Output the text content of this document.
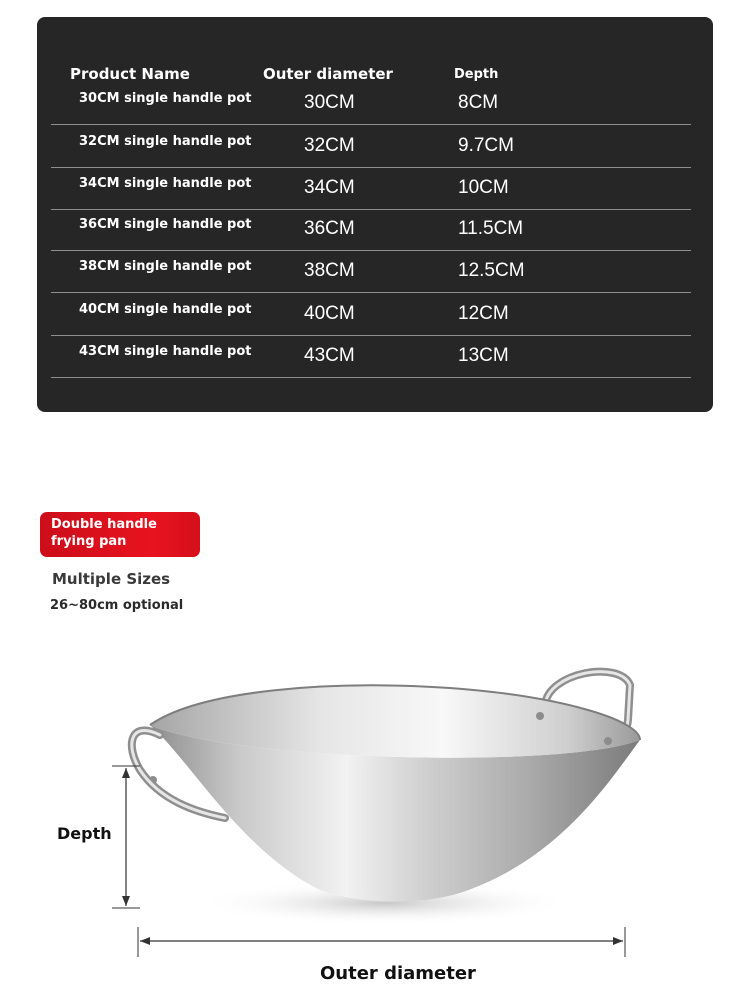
Product Name	Outer diameter	Depth
30CM single handle pot	30CM	8CM
32CM single handle pot	32CM	9.7CM
34CM single handle pot	34CM	10CM
36CM single handle pot	36CM	11.5CM
38CM single handle pot	38CM	12.5CM
40CM single handle pot	40CM	12CM
43CM single handle pot	43CM	13CM
Double handle
frying pan
Multiple Sizes
26~80cm optional
Depth
Outer diameter
